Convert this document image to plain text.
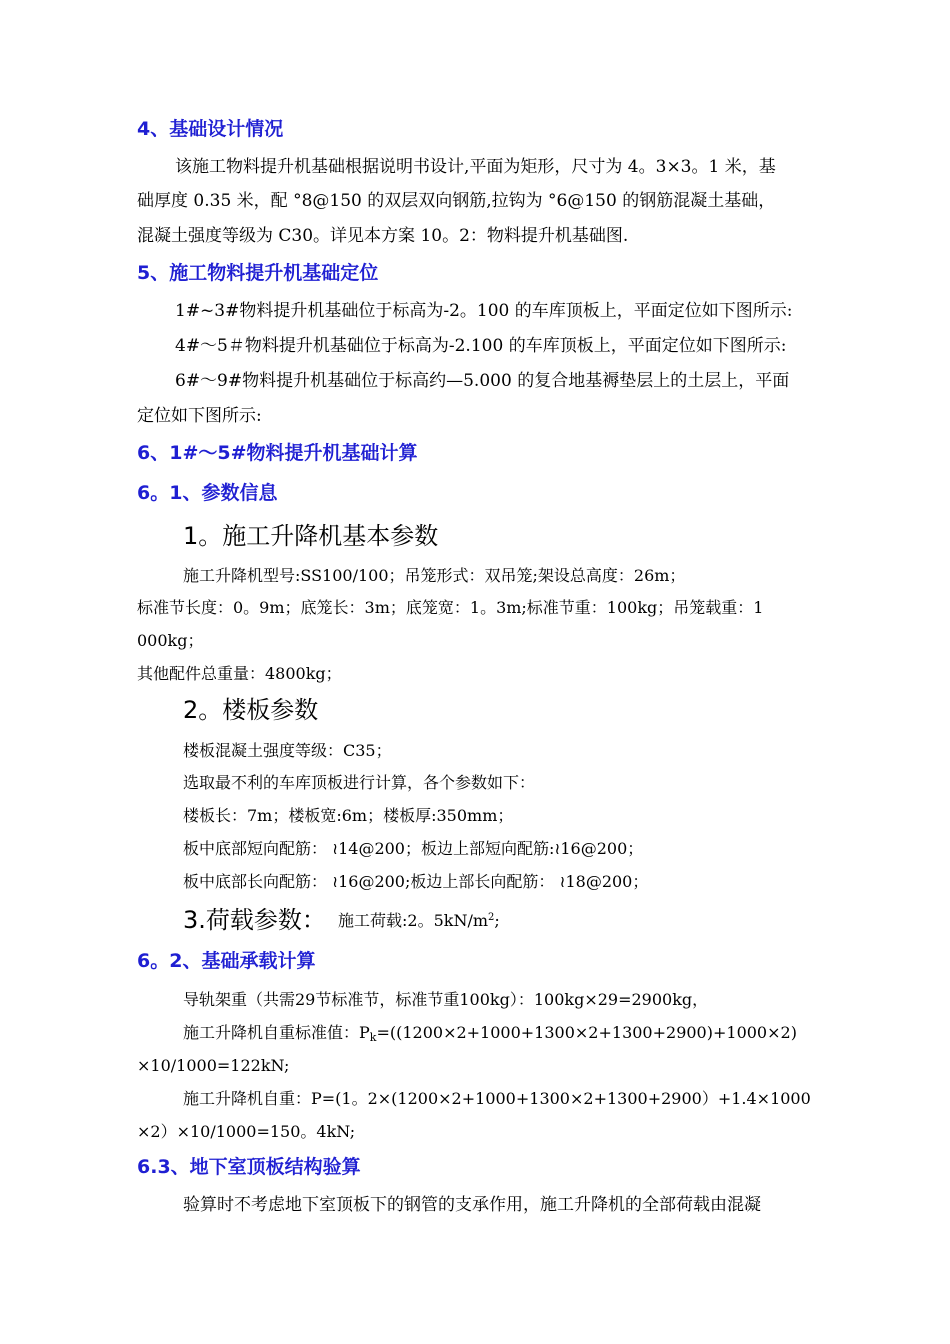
4、基础设计情况
该施工物料提升机基础根据说明书设计,平面为矩形，尺寸为 4。3×3。1 米，基
础厚度 0.35 米，配 °8@150 的双层双向钢筋,拉钩为 °6@150 的钢筋混凝土基础，
混凝土强度等级为 C30。详见本方案 10。2：物料提升机基础图.
5、施工物料提升机基础定位
1#~3#物料提升机基础位于标高为-2。100 的车库顶板上，平面定位如下图所示:
4#～5＃物料提升机基础位于标高为-2.100 的车库顶板上，平面定位如下图所示:
6#～9#物料提升机基础位于标高约—5.000 的复合地基褥垫层上的土层上，平面
定位如下图所示:
6、1#～5#物料提升机基础计算
6。1、参数信息
1。施工升降机基本参数
施工升降机型号:SS100/100；吊笼形式：双吊笼;架设总高度：26m；
标准节长度：0。9m；底笼长：3m；底笼宽：1。3m;标准节重：100kg；吊笼载重：1
000kg；
其他配件总重量：4800kg；
2。楼板参数
楼板混凝土强度等级：C35；
选取最不利的车库顶板进行计算，各个参数如下：
楼板长：7m；楼板宽:6m；楼板厚:350mm；
板中底部短向配筋： ≀14@200；板边上部短向配筋:≀16@200；
板中底部长向配筋： ≀16@200;板边上部长向配筋： ≀18@200；
3.荷载参数： 施工荷载:2。$5kN/m^2$;
6。2、基础承载计算
导轨架重（共需29节标准节，标准节重100kg）：100kg×29=2900kg，
施工升降机自重标准值：$P_k=((1200\times 2+1000+1300\times 2+1300+2900)+1000\times 2)$
×10/1000=122kN;
施工升降机自重：P=(1。2×(1200×2+1000+1300×2+1300+2900）+1.4×1000
×2）×10/1000=150。4kN;
6.3、地下室顶板结构验算
验算时不考虑地下室顶板下的钢管的支承作用，施工升降机的全部荷载由混凝
